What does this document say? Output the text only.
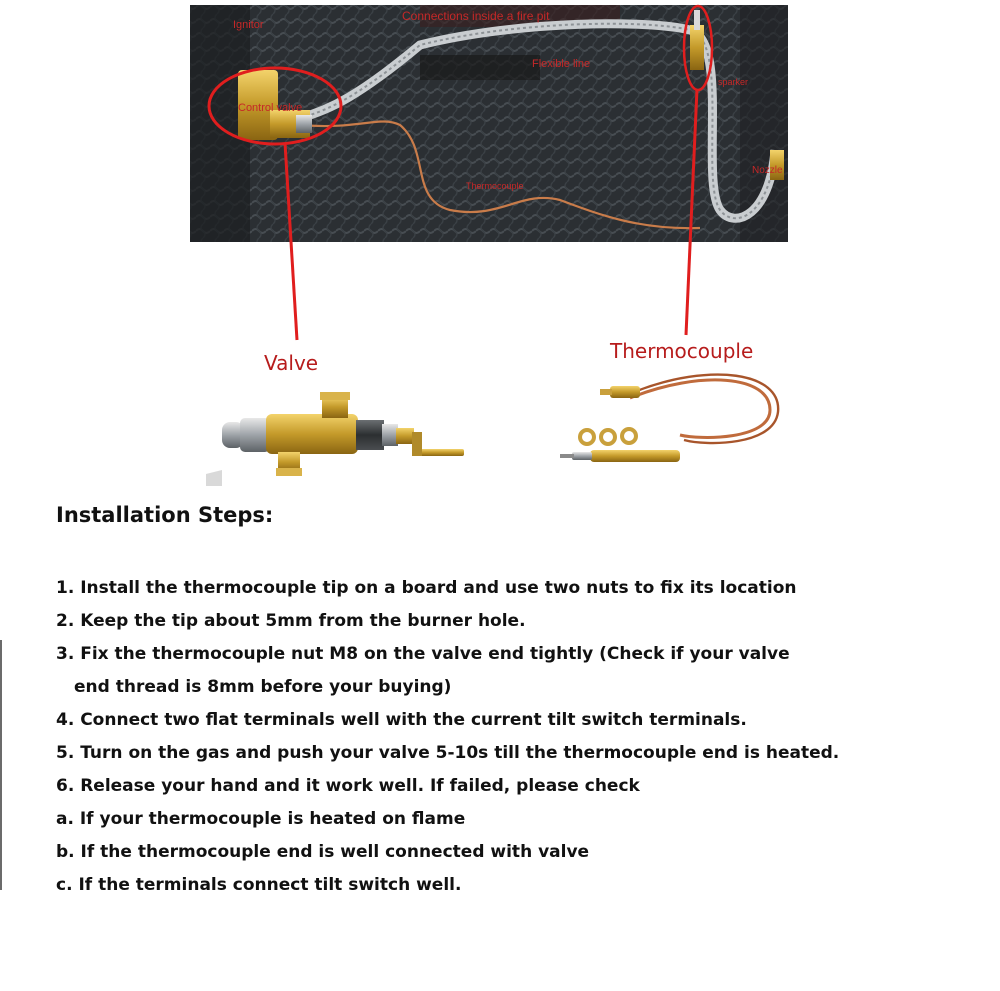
Ignitor
Connections inside a fire pit
Control valve
Flexible line
sparker
Thermocouple
Nozzle
Valve	Thermocouple
Installation Steps:
1. Install the thermocouple tip on a board and use two nuts to fix its location
2. Keep the tip about 5mm from the burner hole.
3. Fix the thermocouple nut M8 on the valve end tightly (Check if your valve
end thread is 8mm before your buying)
4. Connect two flat terminals well with the current tilt switch terminals.
5. Turn on the gas and push your valve 5-10s till the thermocouple end is heated.
6. Release your hand and it work well. If failed, please check
a. If your thermocouple is heated on flame
b. If the thermocouple end is well connected with valve
c. If the terminals connect tilt switch well.
